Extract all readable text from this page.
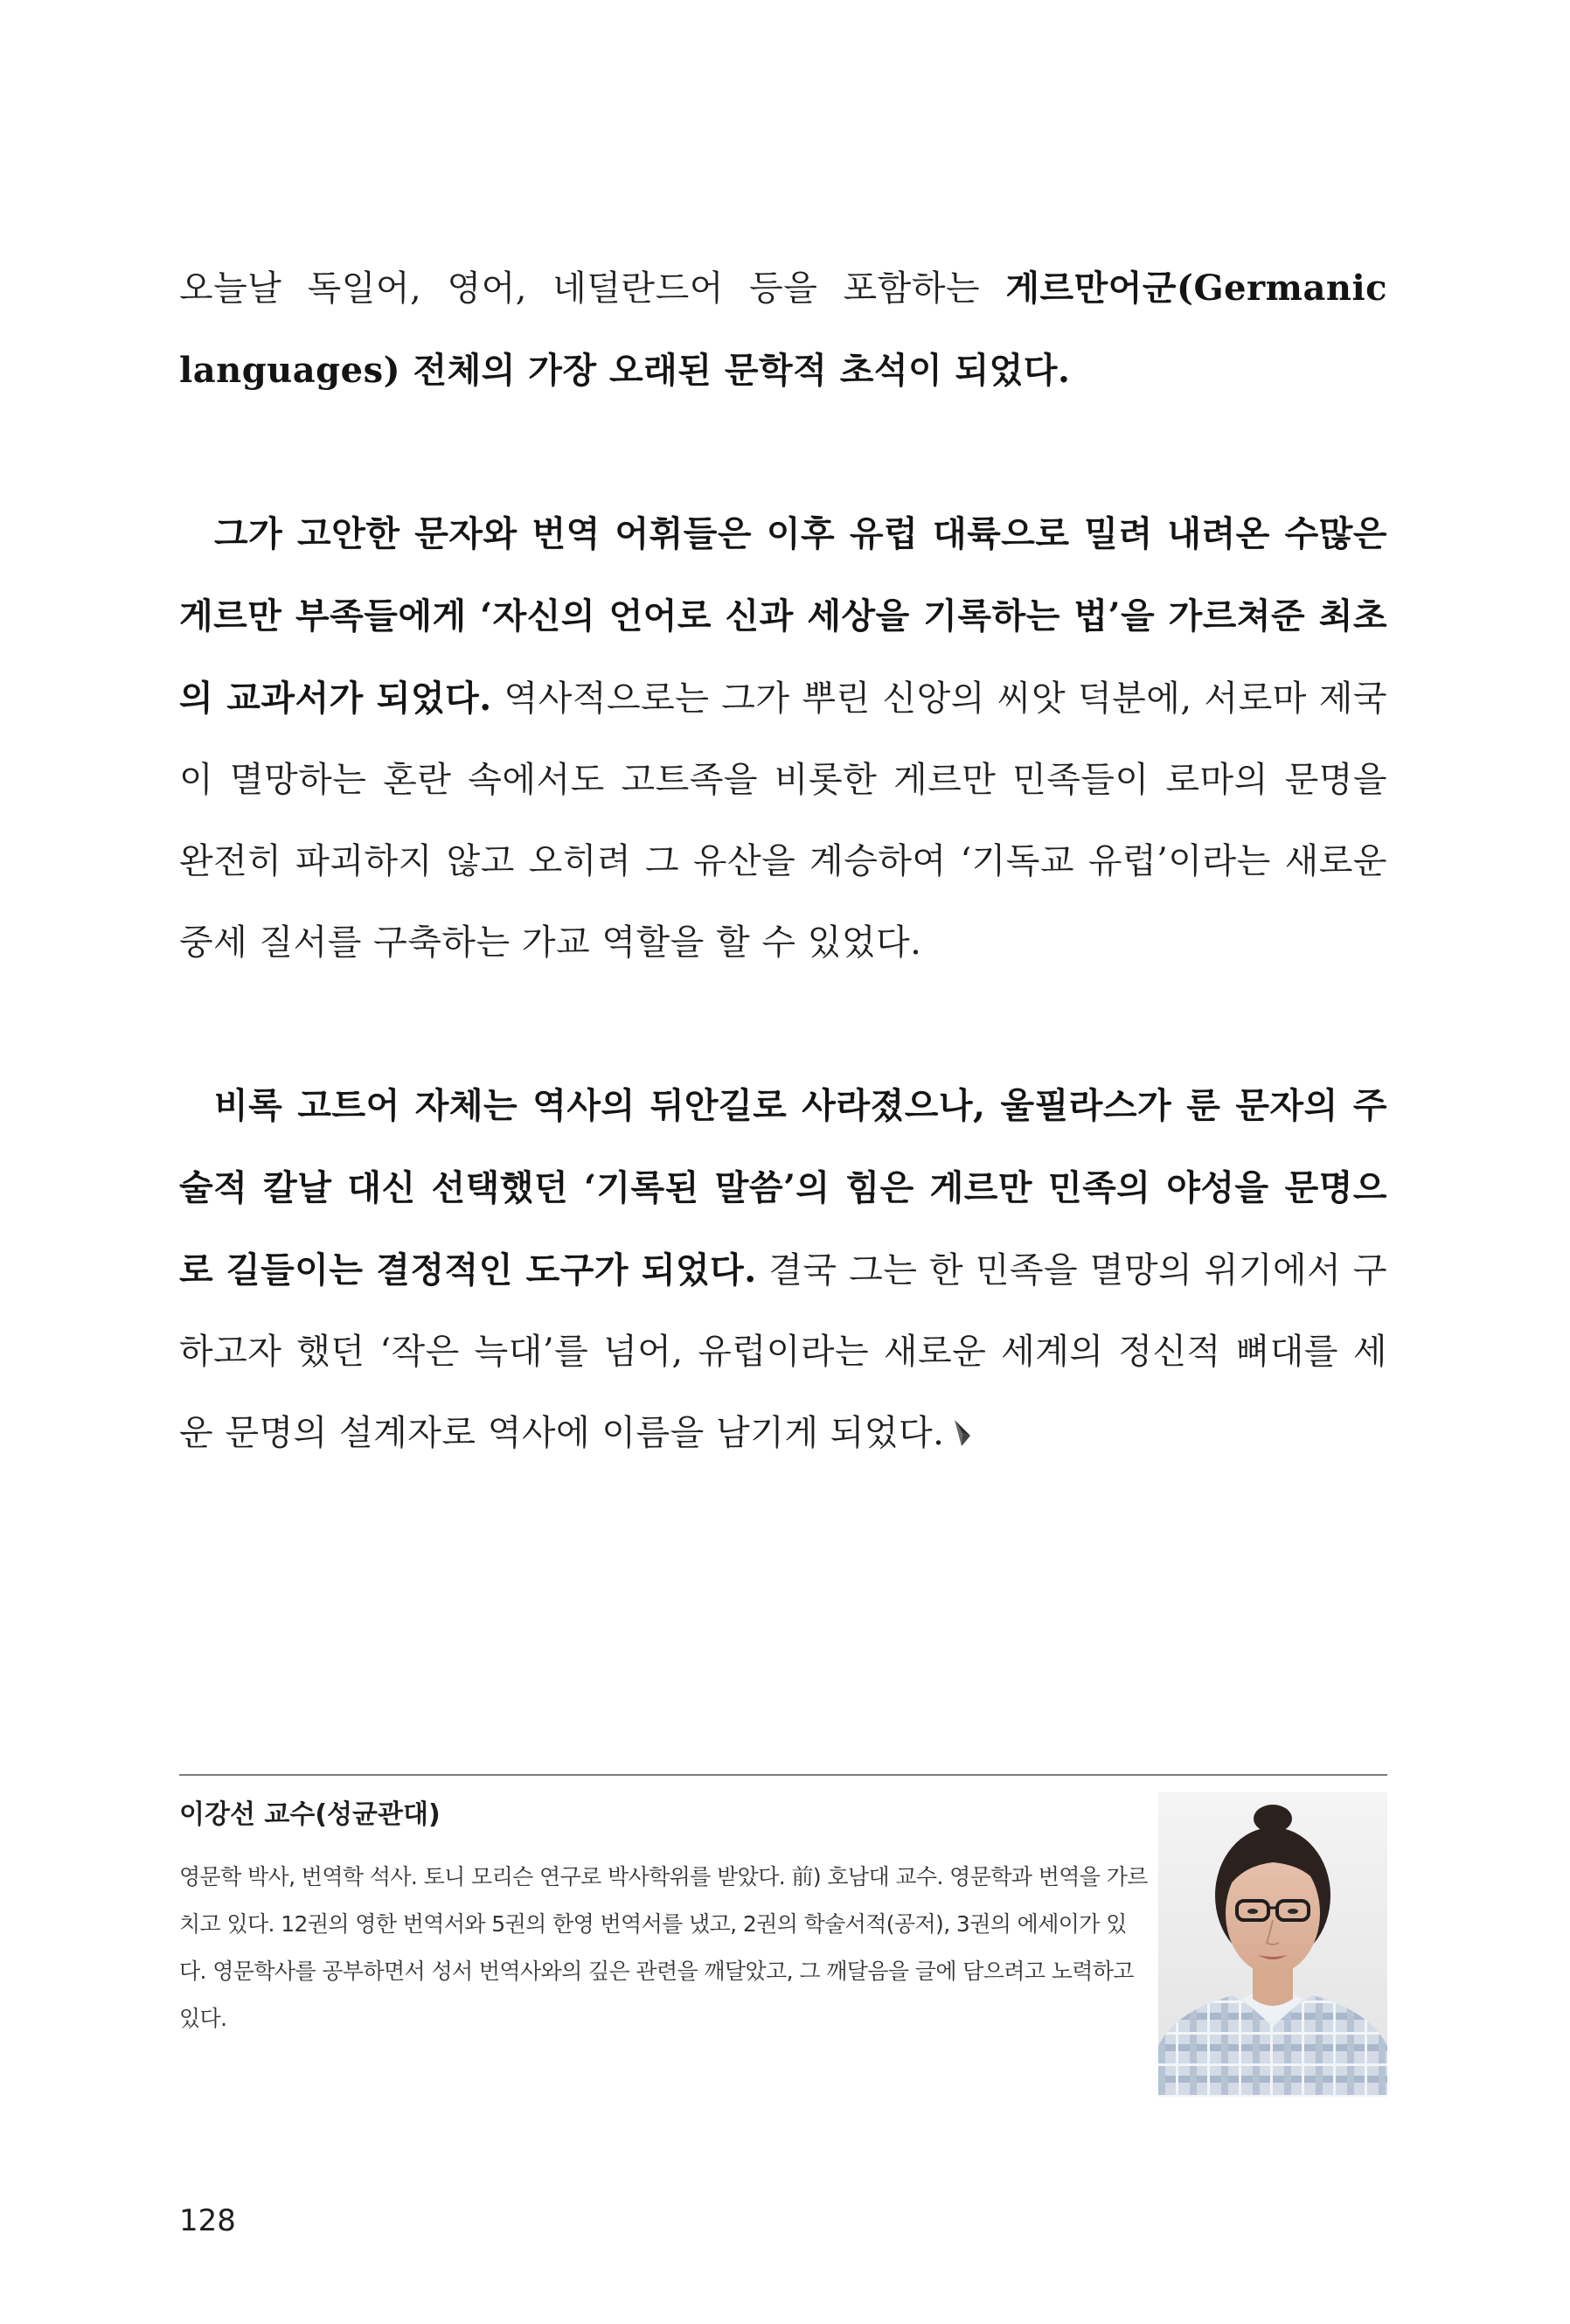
오늘날 독일어, 영어, 네덜란드어 등을 포함하는 게르만어군(Germanic languages) 전체의 가장 오래된 문학적 초석이 되었다.

그가 고안한 문자와 번역 어휘들은 이후 유럽 대륙으로 밀려 내려온 수많은 게르만 부족들에게 ‘자신의 언어로 신과 세상을 기록하는 법’을 가르쳐준 최초의 교과서가 되었다. 역사적으로는 그가 뿌린 신앙의 씨앗 덕분에, 서로마 제국이 멸망하는 혼란 속에서도 고트족을 비롯한 게르만 민족들이 로마의 문명을 완전히 파괴하지 않고 오히려 그 유산을 계승하여 ‘기독교 유럽’이라는 새로운 중세 질서를 구축하는 가교 역할을 할 수 있었다.

비록 고트어 자체는 역사의 뒤안길로 사라졌으나, 울필라스가 룬 문자의 주술적 칼날 대신 선택했던 ‘기록된 말씀’의 힘은 게르만 민족의 야성을 문명으로 길들이는 결정적인 도구가 되었다. 결국 그는 한 민족을 멸망의 위기에서 구하고자 했던 ‘작은 늑대’를 넘어, 유럽이라는 새로운 세계의 정신적 뼈대를 세운 문명의 설계자로 역사에 이름을 남기게 되었다.

이강선 교수(성균관대)

영문학 박사, 번역학 석사. 토니 모리슨 연구로 박사학위를 받았다. 前) 호남대 교수. 영문학과 번역을 가르치고 있다. 12권의 영한 번역서와 5권의 한영 번역서를 냈고, 2권의 학술서적(공저), 3권의 에세이가 있다. 영문학사를 공부하면서 성서 번역사와의 깊은 관련을 깨달았고, 그 깨달음을 글에 담으려고 노력하고 있다.

128
